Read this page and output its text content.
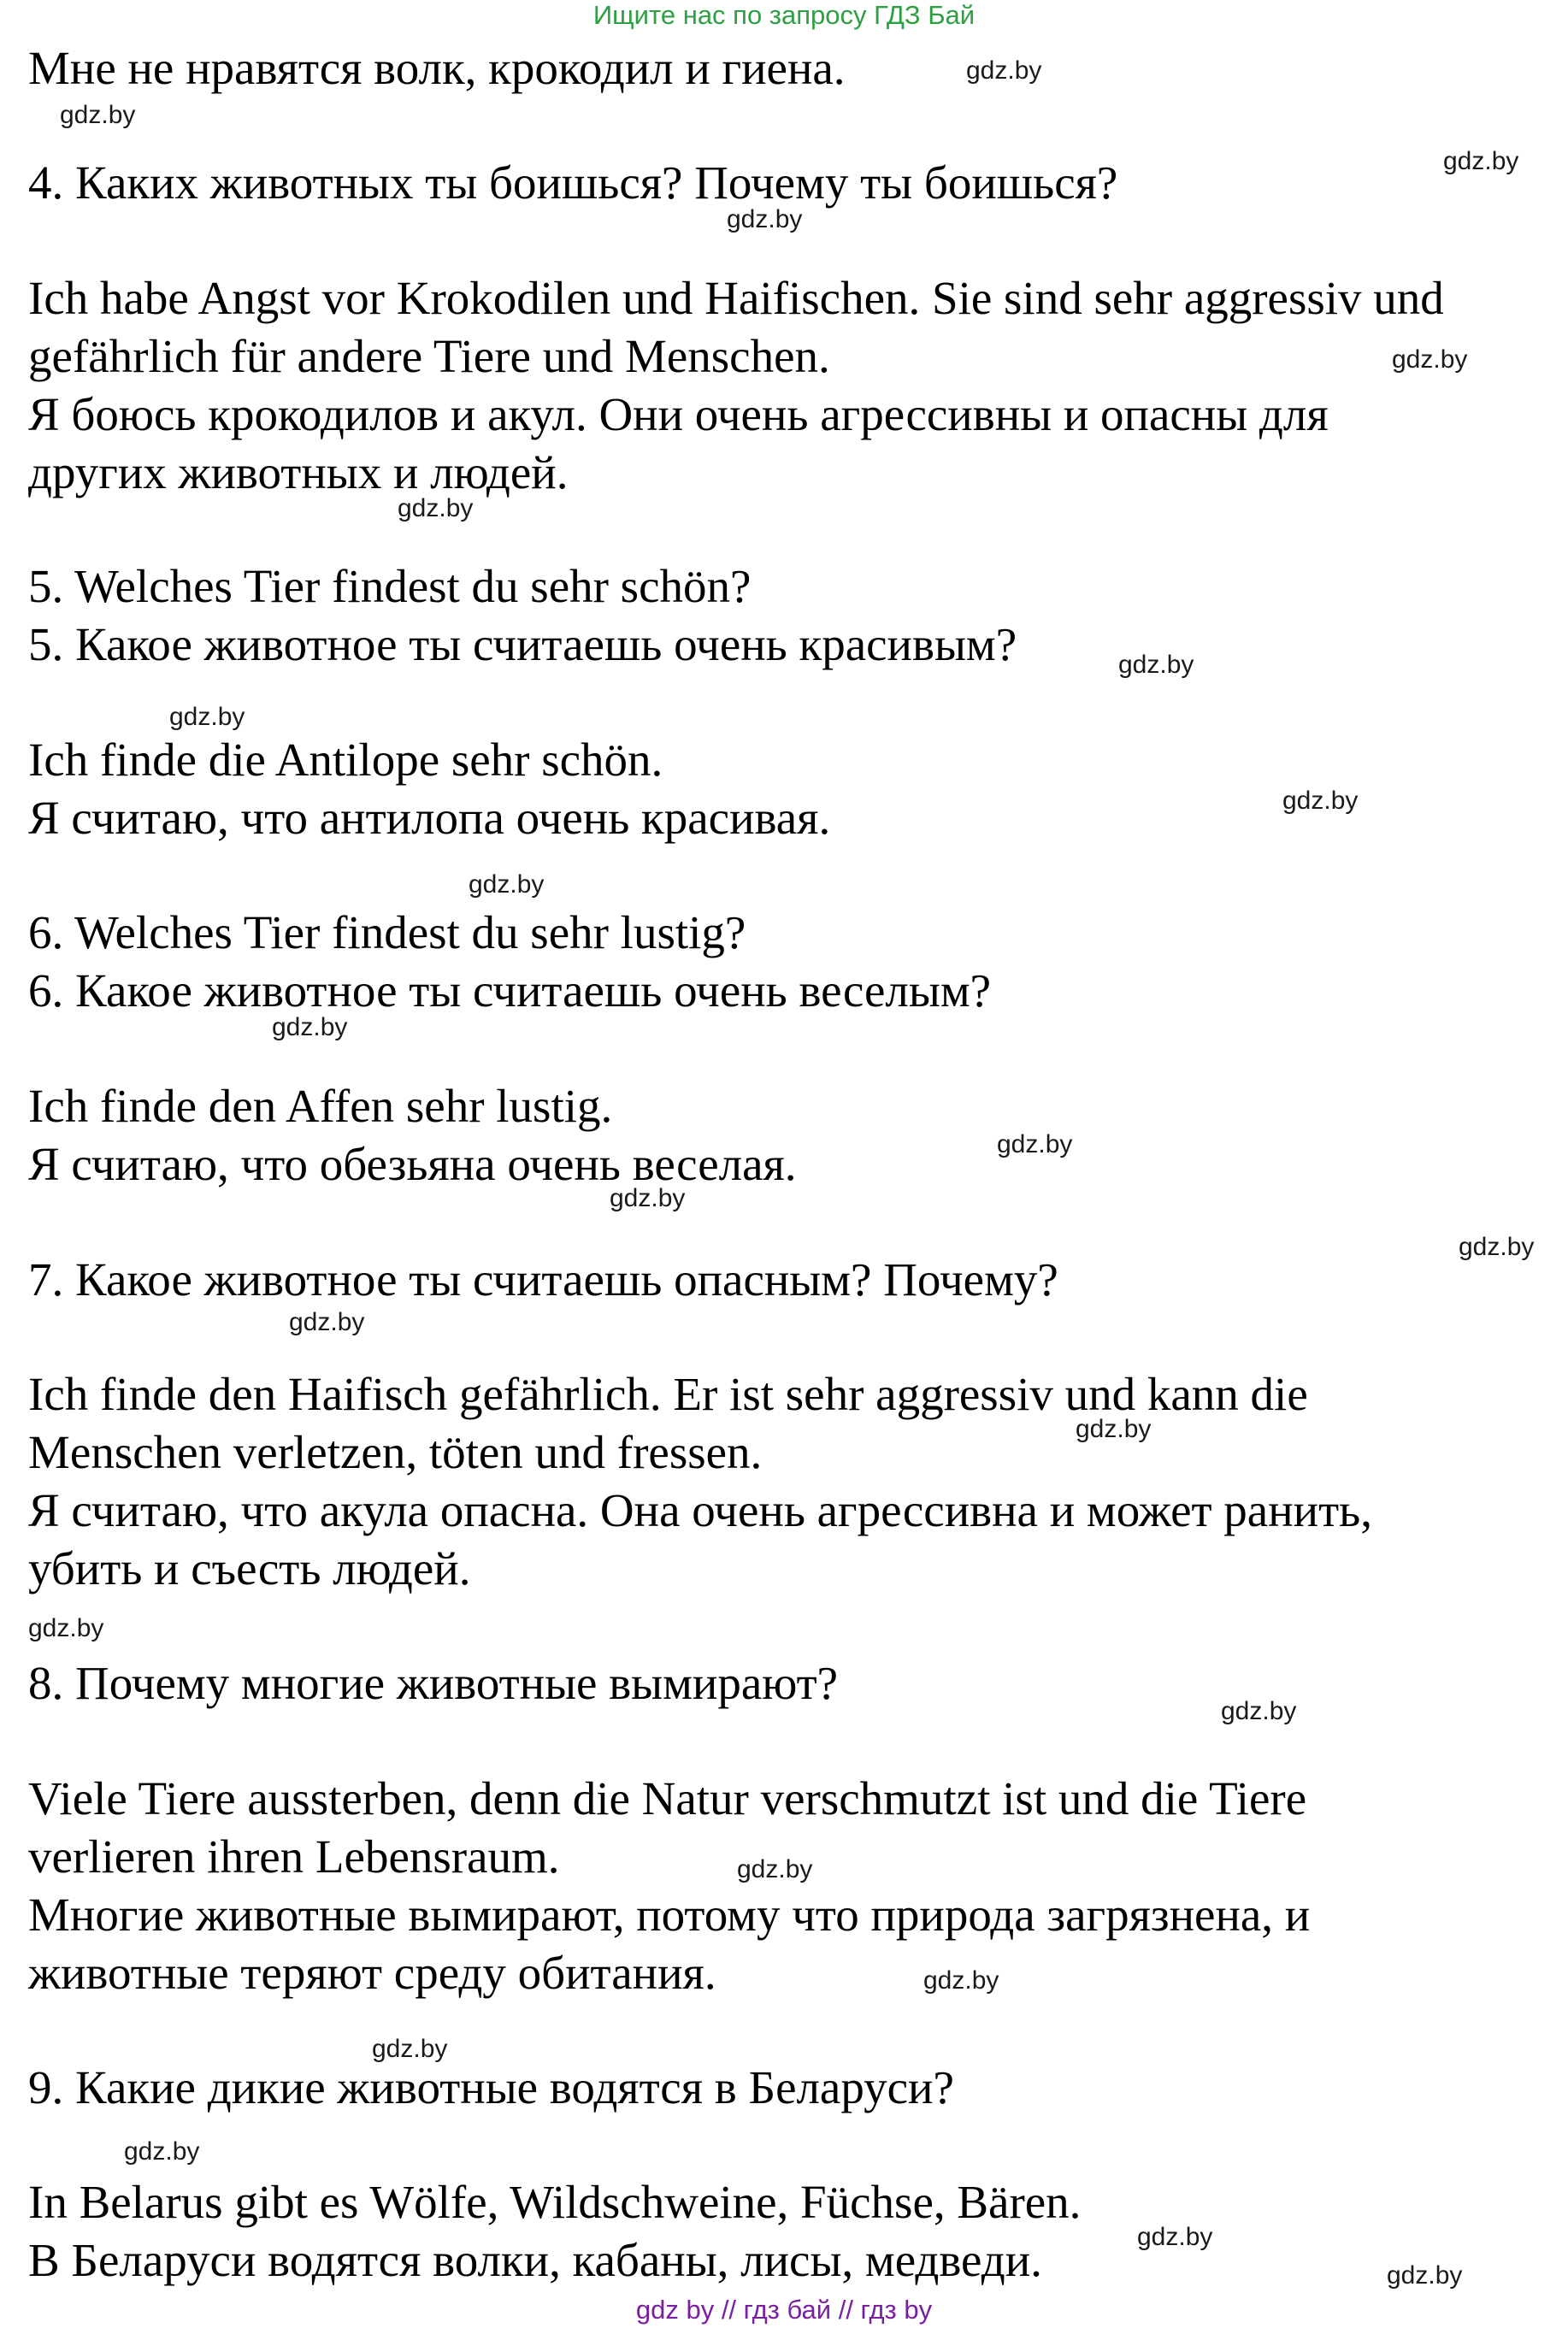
Ищите нас по запросу ГДЗ Бай
Мне не нравятся волк, крокодил и гиена.
4. Каких животных ты боишься? Почему ты боишься?
Ich habe Angst vor Krokodilen und Haifischen. Sie sind sehr aggressiv und
gefährlich für andere Tiere und Menschen.
Я боюсь крокодилов и акул. Они очень агрессивны и опасны для
других животных и людей.
5. Welches Tier findest du sehr schön?
5. Какое животное ты считаешь очень красивым?
Ich finde die Antilope sehr schön.
Я считаю, что антилопа очень красивая.
6. Welches Tier findest du sehr lustig?
6. Какое животное ты считаешь очень веселым?
Ich finde den Affen sehr lustig.
Я считаю, что обезьяна очень веселая.
7. Какое животное ты считаешь опасным? Почему?
Ich finde den Haifisch gefährlich. Er ist sehr aggressiv und kann die
Menschen verletzen, töten und fressen.
Я считаю, что акула опасна. Она очень агрессивна и может ранить,
убить и съесть людей.
8. Почему многие животные вымирают?
Viele Tiere aussterben, denn die Natur verschmutzt ist und die Tiere
verlieren ihren Lebensraum.
Многие животные вымирают, потому что природа загрязнена, и
животные теряют среду обитания.
9. Какие дикие животные водятся в Беларуси?
In Belarus gibt es Wölfe, Wildschweine, Füchse, Bären.
В Беларуси водятся волки, кабаны, лисы, медведи.
gdz.by
gdz.by
gdz.by
gdz.by
gdz.by
gdz.by
gdz.by
gdz.by
gdz.by
gdz.by
gdz.by
gdz.by
gdz.by
gdz.by
gdz.by
gdz.by
gdz.by
gdz.by
gdz.by
gdz.by
gdz.by
gdz.by
gdz.by
gdz.by
gdz by // гдз бай // гдз by
